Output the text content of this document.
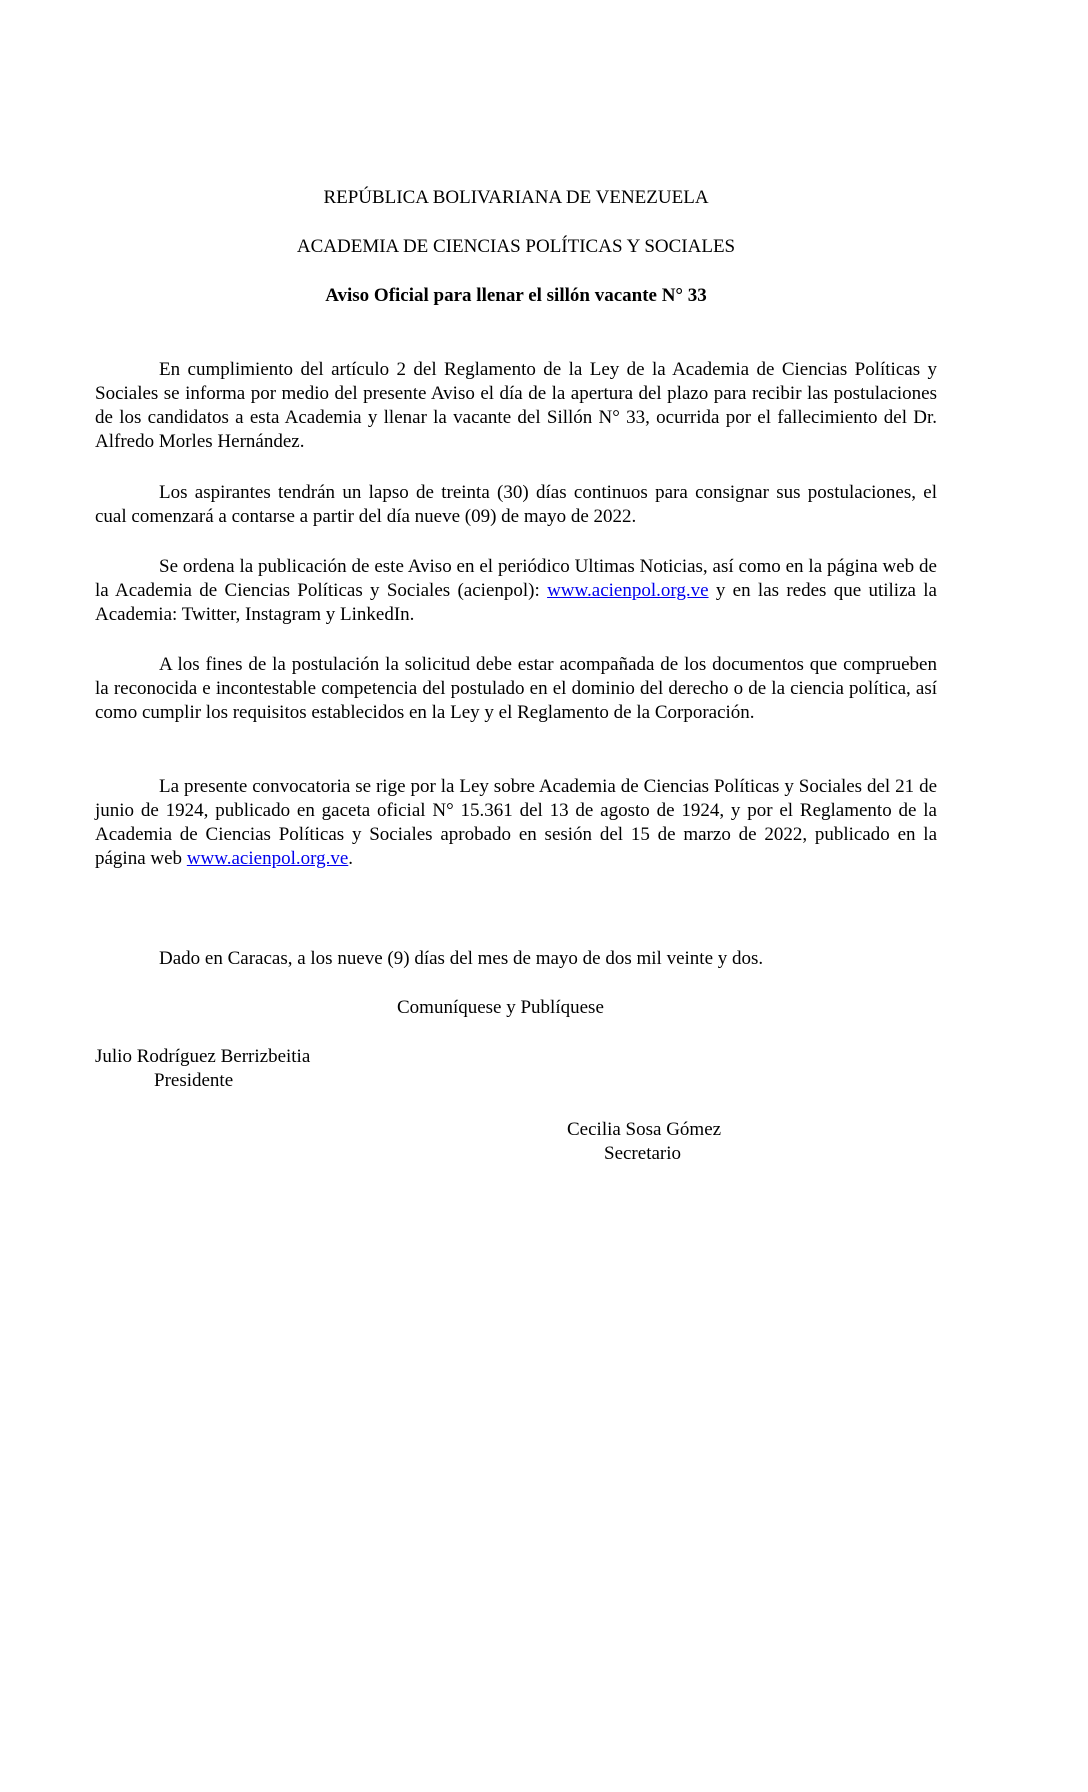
REPÚBLICA BOLIVARIANA DE VENEZUELA
ACADEMIA DE CIENCIAS POLÍTICAS Y SOCIALES
Aviso Oficial para llenar el sillón vacante N° 33

En cumplimiento del artículo 2 del Reglamento de la Ley de la Academia de Ciencias Políticas y Sociales se informa por medio del presente Aviso el día de la apertura del plazo para recibir las postulaciones de los candidatos a esta Academia y llenar la vacante del Sillón N° 33, ocurrida por el fallecimiento del Dr. Alfredo Morles Hernández.

Los aspirantes tendrán un lapso de treinta (30) días continuos para consignar sus postulaciones, el cual comenzará a contarse a partir del día nueve (09) de mayo de 2022.

Se ordena la publicación de este Aviso en el periódico Ultimas Noticias, así como en la página web de la Academia de Ciencias Políticas y Sociales (acienpol): www.acienpol.org.ve y en las redes que utiliza la Academia: Twitter, Instagram y LinkedIn.

A los fines de la postulación la solicitud debe estar acompañada de los documentos que comprueben la reconocida e incontestable competencia del postulado en el dominio del derecho o de la ciencia política, así como cumplir los requisitos establecidos en la Ley y el Reglamento de la Corporación.

La presente convocatoria se rige por la Ley sobre Academia de Ciencias Políticas y Sociales del 21 de junio de 1924, publicado en gaceta oficial N° 15.361 del 13 de agosto de 1924, y por el Reglamento de la Academia de Ciencias Políticas y Sociales aprobado en sesión del 15 de marzo de 2022, publicado en la página web www.acienpol.org.ve.

Dado en Caracas, a los nueve (9) días del mes de mayo de dos mil veinte y dos.

Comuníquese y Publíquese

Julio Rodríguez Berrizbeitia

Presidente

Cecilia Sosa Gómez

Secretario
